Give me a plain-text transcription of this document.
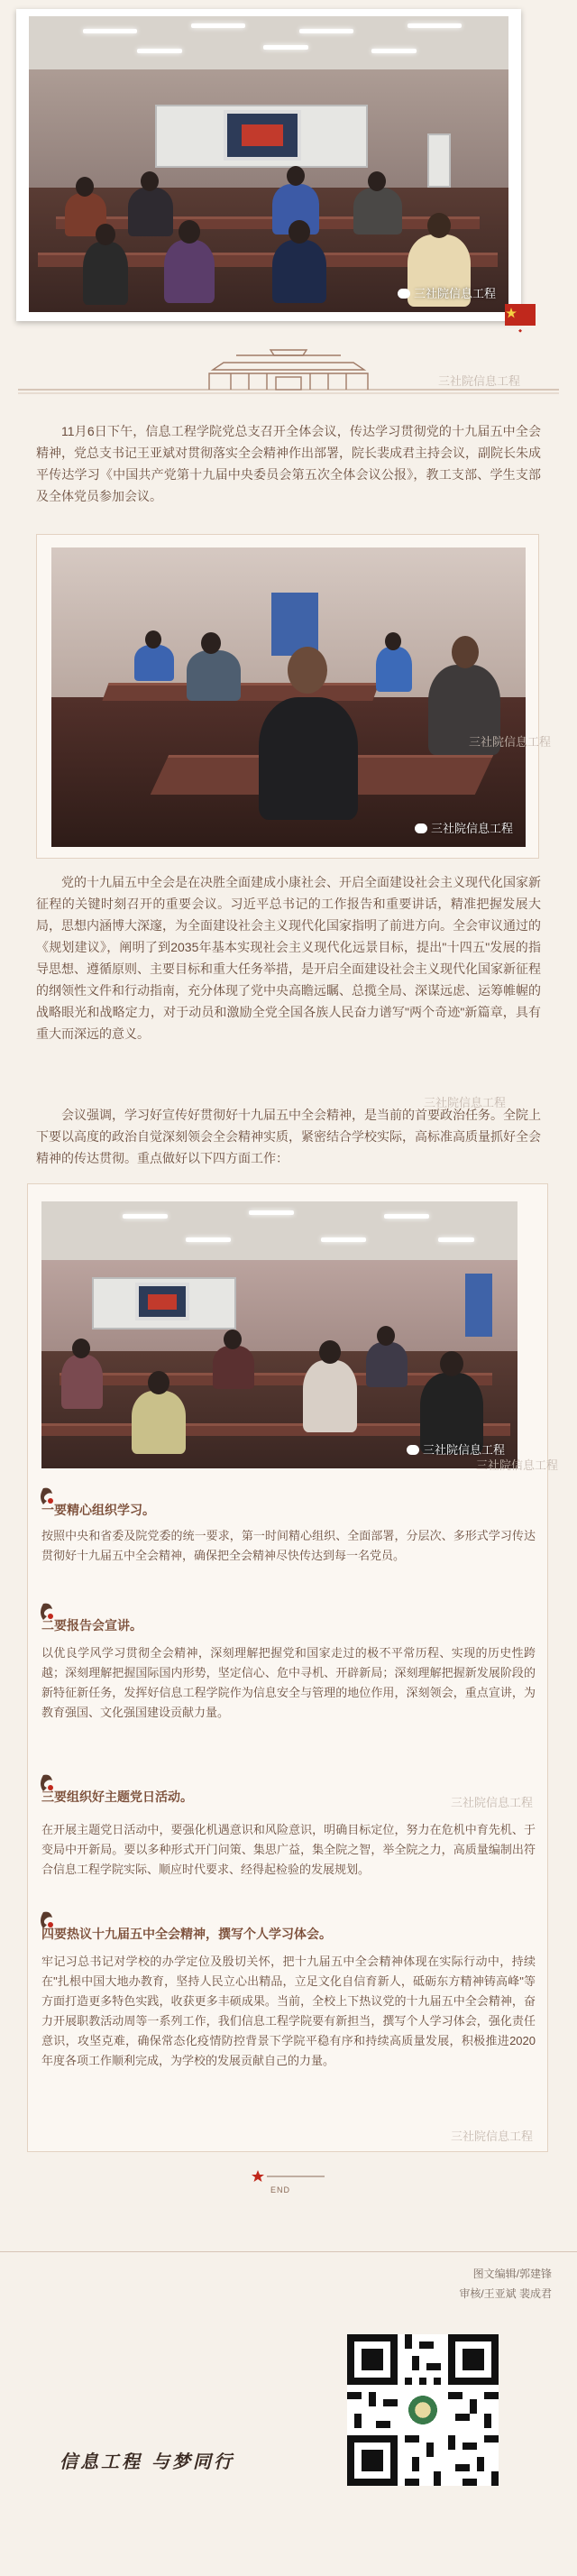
三社院信息工程
◆
三社院信息工程

11月6日下午，信息工程学院党总支召开全体会议，传达学习贯彻党的十九届五中全会精神，党总支书记王亚斌对贯彻落实全会精神作出部署，院长裴成君主持会议，副院长朱成平传达学习《中国共产党第十九届中央委员会第五次全体会议公报》，教工支部、学生支部及全体党员参加会议。

三社院信息工程
三社院信息工程

党的十九届五中全会是在决胜全面建成小康社会、开启全面建设社会主义现代化国家新征程的关键时刻召开的重要会议。习近平总书记的工作报告和重要讲话，精准把握发展大局，思想内涵博大深邃，为全面建设社会主义现代化国家指明了前进方向。全会审议通过的《规划建议》，阐明了到2035年基本实现社会主义现代化远景目标，提出"十四五"发展的指导思想、遵循原则、主要目标和重大任务举措，是开启全面建设社会主义现代化国家新征程的纲领性文件和行动指南，充分体现了党中央高瞻远瞩、总揽全局、深谋远虑、运筹帷幄的战略眼光和战略定力，对于动员和激励全党全国各族人民奋力谱写"两个奇迹"新篇章，具有重大而深远的意义。

三社院信息工程

会议强调，学习好宣传好贯彻好十九届五中全会精神，是当前的首要政治任务。全院上下要以高度的政治自觉深刻领会全会精神实质，紧密结合学校实际，高标准高质量抓好全会精神的传达贯彻。重点做好以下四方面工作：

三社院信息工程
三社院信息工程
一要精心组织学习。

按照中央和省委及院党委的统一要求，第一时间精心组织、全面部署，分层次、多形式学习传达贯彻好十九届五中全会精神，确保把全会精神尽快传达到每一名党员。

二要报告会宣讲。

以优良学风学习贯彻全会精神，深刻理解把握党和国家走过的极不平常历程、实现的历史性跨越；深刻理解把握国际国内形势，坚定信心、危中寻机、开辟新局；深刻理解把握新发展阶段的新特征新任务，发挥好信息工程学院作为信息安全与管理的地位作用，深刻领会，重点宣讲，为教育强国、文化强国建设贡献力量。

三要组织好主题党日活动。	三社院信息工程

在开展主题党日活动中，要强化机遇意识和风险意识，明确目标定位，努力在危机中育先机、于变局中开新局。要以多种形式开门问策、集思广益，集全院之智，举全院之力，高质量编制出符合信息工程学院实际、顺应时代要求、经得起检验的发展规划。

四要热议十九届五中全会精神，撰写个人学习体会。

牢记习总书记对学校的办学定位及殷切关怀，把十九届五中全会精神体现在实际行动中，持续在"扎根中国大地办教育，坚持人民立心出精品，立足文化自信育新人，砥砺东方精神铸高峰"等方面打造更多特色实践，收获更多丰硕成果。当前，全校上下热议党的十九届五中全会精神，奋力开展职教活动周等一系列工作，我们信息工程学院要有新担当，撰写个人学习体会，强化责任意识，攻坚克难，确保常态化疫情防控背景下学院平稳有序和持续高质量发展，积极推进2020年度各项工作顺利完成，为学校的发展贡献自己的力量。

三社院信息工程
END
图文编辑/郭建锋
审核/王亚斌 裴成君
信息工程 与梦同行
